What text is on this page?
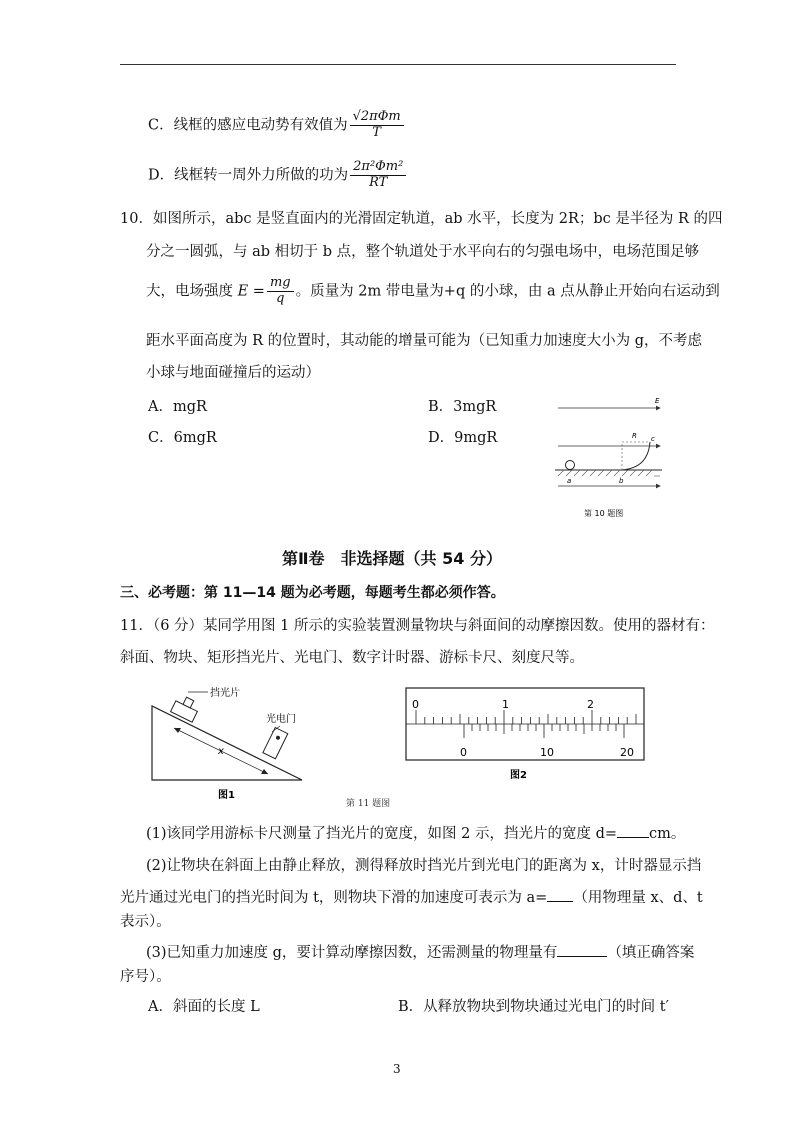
C．线框的感应电动势有效值为 $\frac{\text{√2πΦm}}{T}$
D．线框转一周外力所做的功为 $\frac{\text{2π²Φm²}}{RT}$
10．如图所示，abc 是竖直面内的光滑固定轨道，ab 水平，长度为 2R；bc 是半径为 R 的四
分之一圆弧，与 ab 相切于 b 点，整个轨道处于水平向右的匀强电场中，电场范围足够
大，电场强度 $E = \frac{mg}{q}$ 。质量为 2m 带电量为+q 的小球，由 a 点从静止开始向右运动到
距水平面高度为 R 的位置时，其动能的增量可能为（已知重力加速度大小为 g，不考虑
小球与地面碰撞后的运动）
A．mgR	B．3mgR
C．6mgR	D．9mgR
E
R c
a	b
第 10 题图
第Ⅱ卷　非选择题（共 54 分）
三、必考题：第 11—14 题为必考题，每题考生都必须作答。
11．（6 分）某同学用图 1 所示的实验装置测量物块与斜面间的动摩擦因数。使用的器材有：
斜面、物块、矩形挡光片、光电门、数字计时器、游标卡尺、刻度尺等。
挡光片
光电门
x
图1
0	1	2
0	10	20
图2
第 11 题图
(1)该同学用游标卡尺测量了挡光片的宽度，如图 2 示，挡光片的宽度 d= cm。
(2)让物块在斜面上由静止释放，测得释放时挡光片到光电门的距离为 x，计时器显示挡
光片通过光电门的挡光时间为 t，则物块下滑的加速度可表示为 a= （用物理量 x、d、t
表示）。
(3)已知重力加速度 g，要计算动摩擦因数，还需测量的物理量有	（填正确答案
序号）。
A．斜面的长度 L	B．从释放物块到物块通过光电门的时间 t′
3
